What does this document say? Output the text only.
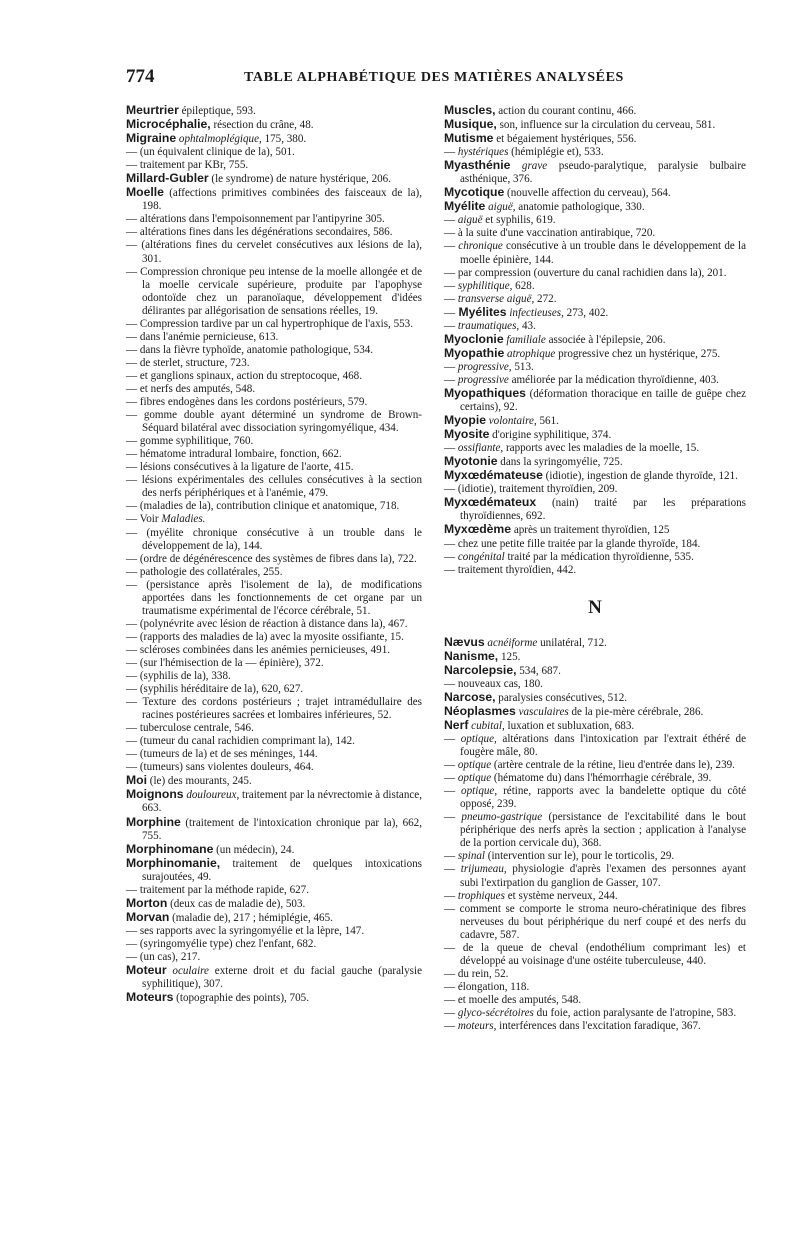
774	TABLE ALPHABÉTIQUE DES MATIÈRES ANALYSÉES
Meurtrier épileptique, 593.
Microcéphalie, résection du crâne, 48.
Migraine ophtalmoplégique, 175, 380.
— (un équivalent clinique de la), 501.
— traitement par KBr, 755.
Millard-Gubler (le syndrome) de nature hystérique, 206.
Moelle (affections primitives combinées des faisceaux de la), 198.
— altérations dans l'empoisonnement par l'antipyrine 305.
— altérations fines dans les dégénérations secondaires, 586.
— (altérations fines du cervelet consécutives aux lésions de la), 301.
— Compression chronique peu intense de la moelle allongée et de la moelle cervicale supérieure, produite par l'apophyse odontoïde chez un paranoïaque, développement d'idées délirantes par allégorisation de sensations réelles, 19.
— Compression tardive par un cal hypertrophique de l'axis, 553.
— dans l'anémie pernicieuse, 613.
— dans la fièvre typhoïde, anatomie pathologique, 534.
— de sterlet, structure, 723.
— et ganglions spinaux, action du streptocoque, 468.
— et nerfs des amputés, 548.
— fibres endogènes dans les cordons postérieurs, 579.
— gomme double ayant déterminé un syndrome de Brown-Séquard bilatéral avec dissociation syringomyélique, 434.
— gomme syphilitique, 760.
— hématome intradural lombaire, fonction, 662.
— lésions consécutives à la ligature de l'aorte, 415.
— lésions expérimentales des cellules consécutives à la section des nerfs périphériques et à l'anémie, 479.
— (maladies de la), contribution clinique et anatomique, 718.
— Voir Maladies.
— (myélite chronique consécutive à un trouble dans le développement de la), 144.
— (ordre de dégénérescence des systèmes de fibres dans la), 722.
— pathologie des collatérales, 255.
— (persistance après l'isolement de la), de modifications apportées dans les fonctionnements de cet organe par un traumatisme expérimental de l'écorce cérébrale, 51.
— (polynévrite avec lésion de réaction à distance dans la), 467.
— (rapports des maladies de la) avec la myosite ossifiante, 15.
— scléroses combinées dans les anémies pernicieuses, 491.
— (sur l'hémisection de la — épinière), 372.
— (syphilis de la), 338.
— (syphilis héréditaire de la), 620, 627.
— Texture des cordons postérieurs ; trajet intramédullaire des racines postérieures sacrées et lombaires inférieures, 52.
— tuberculose centrale, 546.
— (tumeur du canal rachidien comprimant la), 142.
— (tumeurs de la) et de ses méninges, 144.
— (tumeurs) sans violentes douleurs, 464.
Moi (le) des mourants, 245.
Moignons douloureux, traitement par la névrectomie à distance, 663.
Morphine (traitement de l'intoxication chronique par la), 662, 755.
Morphinomane (un médecin), 24.
Morphinomanie, traitement de quelques intoxications surajoutées, 49.
— traitement par la méthode rapide, 627.
Morton (deux cas de maladie de), 503.
Morvan (maladie de), 217 ; hémiplégie, 465.
— ses rapports avec la syringomyélie et la lèpre, 147.
— (syringomyélie type) chez l'enfant, 682.
— (un cas), 217.
Moteur oculaire externe droit et du facial gauche (paralysie syphilitique), 307.
Moteurs (topographie des points), 705.
Muscles, action du courant continu, 466.
Musique, son, influence sur la circulation du cerveau, 581.
Mutisme et bégaiement hystériques, 556.
— hystériques (hémiplégie et), 533.
Myasthénie grave pseudo-paralytique, paralysie bulbaire asthénique, 376.
Mycotique (nouvelle affection du cerveau), 564.
Myélite aiguë, anatomie pathologique, 330.
— aiguë et syphilis, 619.
— à la suite d'une vaccination antirabique, 720.
— chronique consécutive à un trouble dans le développement de la moelle épinière, 144.
— par compression (ouverture du canal rachidien dans la), 201.
— syphilitique, 628.
— transverse aiguë, 272.
— Myélites infectieuses, 273, 402.
— traumatiques, 43.
Myoclonie familiale associée à l'épilepsie, 206.
Myopathie atrophique progressive chez un hystérique, 275.
— progressive, 513.
— progressive améliorée par la médication thyroïdienne, 403.
Myopathiques (déformation thoracique en taille de guêpe chez certains), 92.
Myopie volontaire, 561.
Myosite d'origine syphilitique, 374.
— ossifiante, rapports avec les maladies de la moelle, 15.
Myotonie dans la syringomyélie, 725.
Myxœdémateuse (idiotie), ingestion de glande thyroïde, 121.
— (idiotie), traitement thyroïdien, 209.
Myxœdémateux (nain) traité par les préparations thyroïdiennes, 692.
Myxœdème après un traitement thyroïdien, 125
— chez une petite fille traitée par la glande thyroïde, 184.
— congénital traité par la médication thyroïdienne, 535.
— traitement thyroïdien, 442.
N
Nævus acnéiforme unilatéral, 712.
Nanisme, 125.
Narcolepsie, 534, 687.
— nouveaux cas, 180.
Narcose, paralysies consécutives, 512.
Néoplasmes vasculaires de la pie-mère cérébrale, 286.
Nerf cubital, luxation et subluxation, 683.
— optique, altérations dans l'intoxication par l'extrait éthéré de fougère mâle, 80.
— optique (artère centrale de la rétine, lieu d'entrée dans le), 239.
— optique (hématome du) dans l'hémorrhagie cérébrale, 39.
— optique, rétine, rapports avec la bandelette optique du côté opposé, 239.
— pneumo-gastrique (persistance de l'excitabilité dans le bout périphérique des nerfs après la section ; application à l'analyse de la portion cervicale du), 368.
— spinal (intervention sur le), pour le torticolis, 29.
— trijumeau, physiologie d'après l'examen des personnes ayant subi l'extirpation du ganglion de Gasser, 107.
— trophiques et système nerveux, 244.
— comment se comporte le stroma neuro-chératinique des fibres nerveuses du bout périphérique du nerf coupé et des nerfs du cadavre, 587.
— de la queue de cheval (endothélium comprimant les) et développé au voisinage d'une ostéite tuberculeuse, 440.
— du rein, 52.
— élongation, 118.
— et moelle des amputés, 548.
— glyco-sécrétoires du foie, action paralysante de l'atropine, 583.
— moteurs, interférences dans l'excitation faradique, 367.
